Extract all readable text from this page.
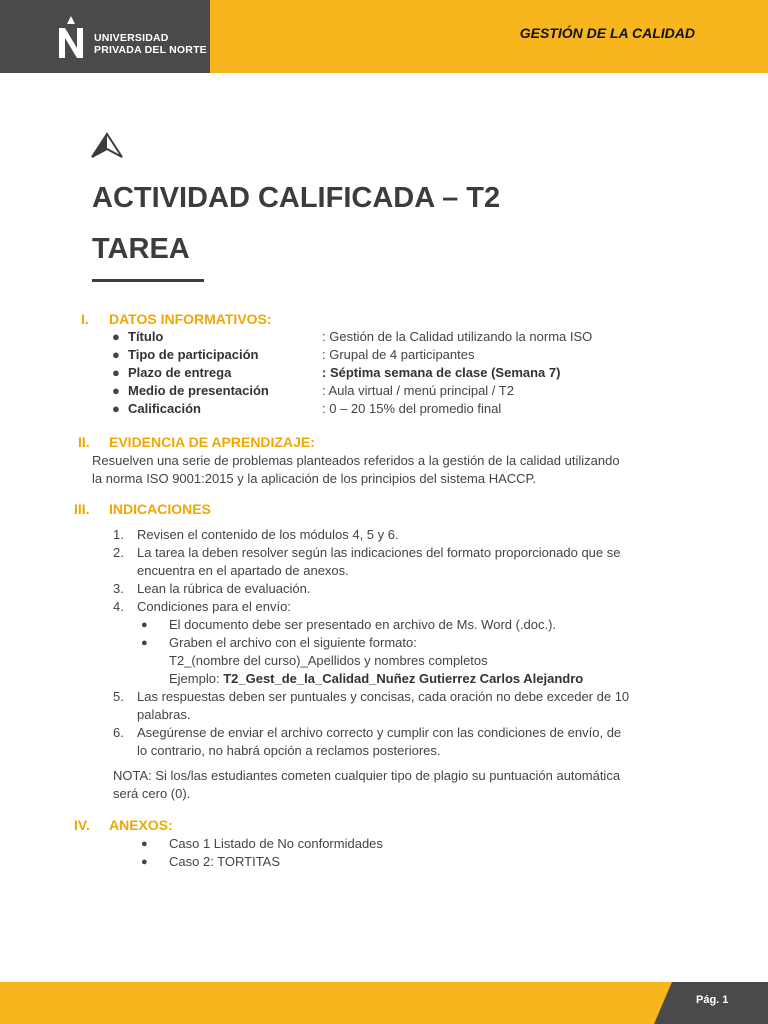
UNIVERSIDAD
PRIVADA DEL NORTE
GESTIÓN DE LA CALIDAD
ACTIVIDAD CALIFICADA – T2
TAREA
I. DATOS INFORMATIVOS:
● Título	: Gestión de la Calidad utilizando la norma ISO
● Tipo de participación	: Grupal de 4 participantes
● Plazo de entrega	: Séptima semana de clase (Semana 7)
● Medio de presentación	: Aula virtual / menú principal / T2
● Calificación	: 0 – 20 15% del promedio final
II. EVIDENCIA DE APRENDIZAJE:
Resuelven una serie de problemas planteados referidos a la gestión de la calidad utilizando
la norma ISO 9001:2015 y la aplicación de los principios del sistema HACCP.
III. INDICACIONES
1. Revisen el contenido de los módulos 4, 5 y 6.
2. La tarea la deben resolver según las indicaciones del formato proporcionado que se
encuentra en el apartado de anexos.
3. Lean la rúbrica de evaluación.
4. Condiciones para el envío:
● El documento debe ser presentado en archivo de Ms. Word (.doc.).
● Graben el archivo con el siguiente formato:
T2_(nombre del curso)_Apellidos y nombres completos
Ejemplo: T2_Gest_de_la_Calidad_Nuñez Gutierrez Carlos Alejandro
5. Las respuestas deben ser puntuales y concisas, cada oración no debe exceder de 10
palabras.
6. Asegúrense de enviar el archivo correcto y cumplir con las condiciones de envío, de
lo contrario, no habrá opción a reclamos posteriores.
NOTA: Si los/las estudiantes cometen cualquier tipo de plagio su puntuación automática
será cero (0).
IV. ANEXOS:
● Caso 1 Listado de No conformidades
● Caso 2: TORTITAS
Pág. 1
